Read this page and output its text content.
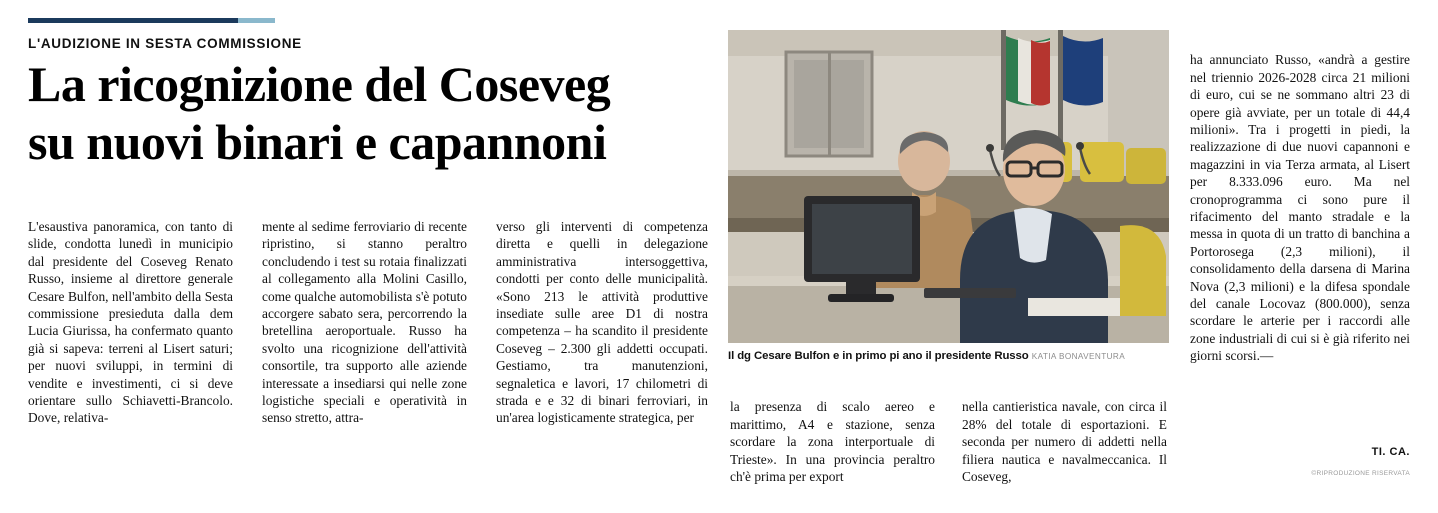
L'AUDIZIONE IN SESTA COMMISSIONE
La ricognizione del Coseveg
su nuovi binari e capannoni

L'esaustiva panoramica, con tanto di slide, condotta lunedì in municipio dal presidente del Coseveg Renato Russo, insieme al direttore generale Cesare Bulfon, nell'ambito della Sesta commissione presieduta dalla dem Lucia Giurissa, ha confermato quanto già si sapeva: terreni al Lisert saturi; per nuovi sviluppi, in termini di vendite e investimenti, ci si deve orientare sullo Schiavetti-Brancolo. Dove, relativa-

mente al sedime ferroviario di recente ripristino, si stanno peraltro concludendo i test su rotaia finalizzati al collegamento alla Molini Casillo, come qualche automobilista s'è potuto accorgere sabato sera, percorrendo la bretellina aeroportuale. Russo ha svolto una ricognizione dell'attività consortile, tra supporto alle aziende interessate a insediarsi qui nelle zone logistiche speciali e operatività in senso stretto, attra-

verso gli interventi di competenza diretta e quelli in delegazione amministrativa intersoggettiva, condotti per conto delle municipalità. «Sono 213 le attività produttive insediate sulle aree D1 di nostra competenza – ha scandito il presidente Coseveg – 2.300 gli addetti occupati. Gestiamo, tra manutenzioni, segnaletica e lavori, 17 chilometri di strada e e 32 di binari ferroviari, in un'area logisticamente strategica, per

Il dg Cesare Bulfon e in primo pi ano il presidente Russo KATIA BONAVENTURA

la presenza di scalo aereo e marittimo, A4 e stazione, senza scordare la zona interportuale di Trieste». In una provincia peraltro ch'è prima per export

nella cantieristica navale, con circa il 28% del totale di esportazioni. E seconda per numero di addetti nella filiera nautica e navalmeccanica. Il Coseveg,

ha annunciato Russo, «andrà a gestire nel triennio 2026-2028 circa 21 milioni di euro, cui se ne sommano altri 23 di opere già avviate, per un totale di 44,4 milioni». Tra i progetti in piedi, la realizzazione di due nuovi capannoni e magazzini in via Terza armata, al Lisert per 8.333.096 euro. Ma nel cronoprogramma ci sono pure il rifacimento del manto stradale e la messa in quota di un tratto di banchina a Portorosega (2,3 milioni), il consolidamento della darsena di Marina Nova (2,3 milioni) e la difesa spondale del canale Locovaz (800.000), senza scordare le arterie per i raccordi alle zone industriali di cui si è già riferito nei giorni scorsi.—

TI. CA.
©RIPRODUZIONE RISERVATA
